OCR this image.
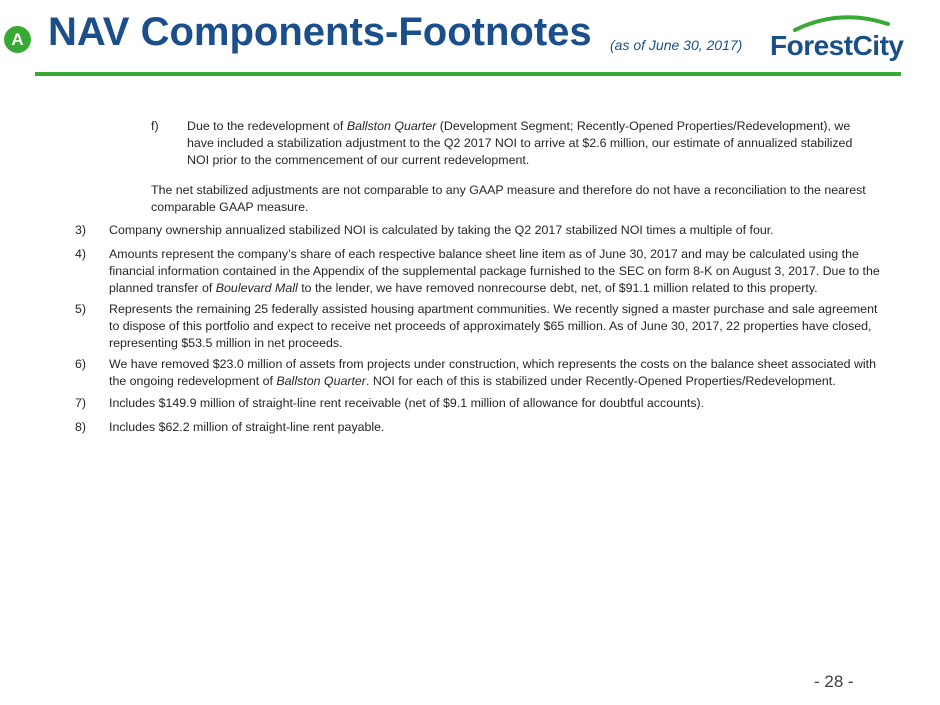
A NAV Components-Footnotes (as of June 30, 2017) ForestCity
f) Due to the redevelopment of Ballston Quarter (Development Segment; Recently-Opened Properties/Redevelopment), we have included a stabilization adjustment to the Q2 2017 NOI to arrive at $2.6 million, our estimate of annualized stabilized NOI prior to the commencement of our current redevelopment.
The net stabilized adjustments are not comparable to any GAAP measure and therefore do not have a reconciliation to the nearest comparable GAAP measure.
3) Company ownership annualized stabilized NOI is calculated by taking the Q2 2017 stabilized NOI times a multiple of four.
4) Amounts represent the company’s share of each respective balance sheet line item as of June 30, 2017 and may be calculated using the financial information contained in the Appendix of the supplemental package furnished to the SEC on form 8-K on August 3, 2017. Due to the planned transfer of Boulevard Mall to the lender, we have removed nonrecourse debt, net, of $91.1 million related to this property.
5) Represents the remaining 25 federally assisted housing apartment communities. We recently signed a master purchase and sale agreement to dispose of this portfolio and expect to receive net proceeds of approximately $65 million. As of June 30, 2017, 22 properties have closed, representing $53.5 million in net proceeds.
6) We have removed $23.0 million of assets from projects under construction, which represents the costs on the balance sheet associated with the ongoing redevelopment of Ballston Quarter. NOI for each of this is stabilized under Recently-Opened Properties/Redevelopment.
7) Includes $149.9 million of straight-line rent receivable (net of $9.1 million of allowance for doubtful accounts).
8) Includes $62.2 million of straight-line rent payable.
- 28 -
